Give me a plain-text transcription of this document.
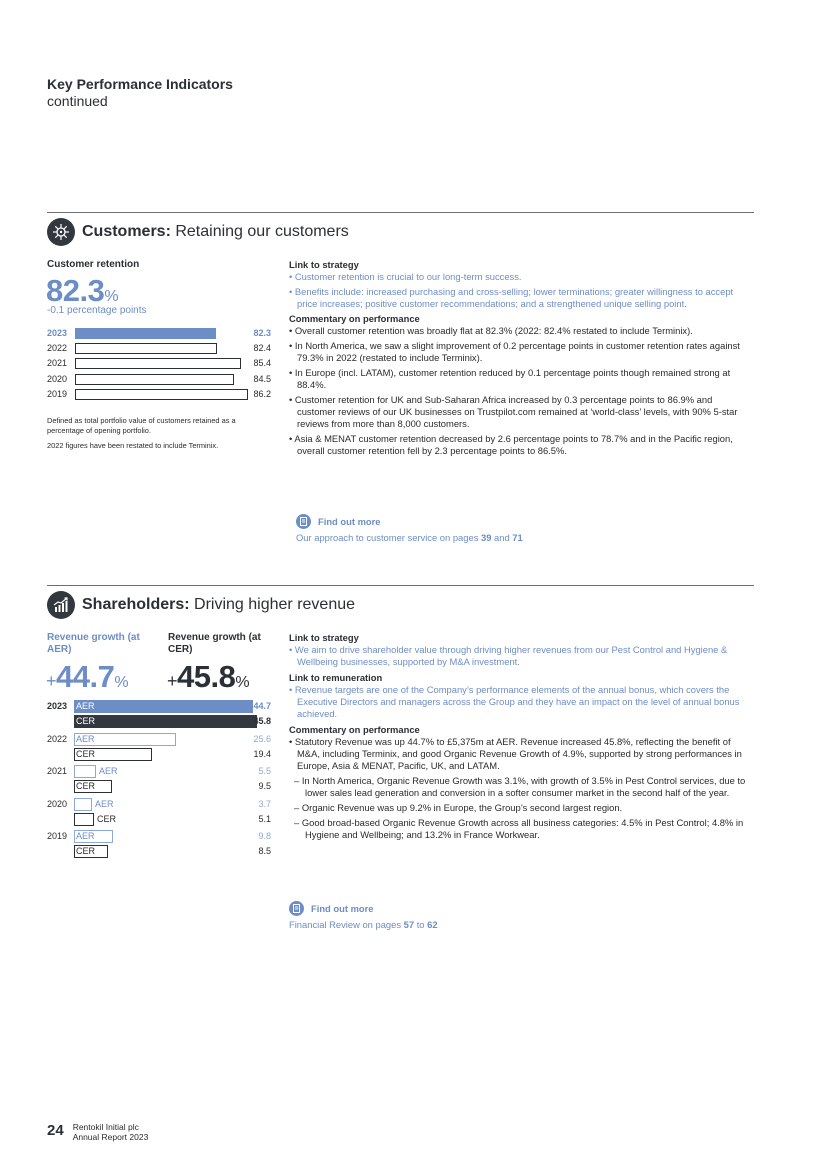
Key Performance Indicators
continued
Customers: Retaining our customers
Customer retention
82.3%
-0.1 percentage points
2023	82.3
2022	82.4
2021	85.4
2020	84.5
2019	86.2
Defined as total portfolio value of customers retained as a percentage of opening portfolio.
2022 figures have been restated to include Terminix.
Link to strategy
• Customer retention is crucial to our long-term success.
• Benefits include: increased purchasing and cross-selling; lower terminations; greater willingness to accept price increases; positive customer recommendations; and a strengthened unique selling point.
Commentary on performance
• Overall customer retention was broadly flat at 82.3% (2022: 82.4% restated to include Terminix).
• In North America, we saw a slight improvement of 0.2 percentage points in customer retention rates against 79.3% in 2022 (restated to include Terminix).
• In Europe (incl. LATAM), customer retention reduced by 0.1 percentage points though remained strong at 88.4%.
• Customer retention for UK and Sub-Saharan Africa increased by 0.3 percentage points to 86.9% and customer reviews of our UK businesses on Trustpilot.com remained at ‘world-class’ levels, with 90% 5-star reviews from more than 8,000 customers.
• Asia & MENAT customer retention decreased by 2.6 percentage points to 78.7% and in the Pacific region, overall customer retention fell by 2.3 percentage points to 86.5%.
Find out more
Our approach to customer service on pages 39 and 71
Shareholders: Driving higher revenue
Revenue growth (at AER)
Revenue growth (at CER)
+44.7% +45.8%
2023 AER	44.7
CER	45.8
2022 AER	25.6
CER	19.4
2021	AER	5.5
CER	9.5
2020	AER	3.7
CER	5.1
2019 AER	9.8
CER	8.5
Link to strategy
• We aim to drive shareholder value through driving higher revenues from our Pest Control and Hygiene & Wellbeing businesses, supported by M&A investment.
Link to remuneration
• Revenue targets are one of the Company’s performance elements of the annual bonus, which covers the Executive Directors and managers across the Group and they have an impact on the level of annual bonus achieved.
Commentary on performance
• Statutory Revenue was up 44.7% to £5,375m at AER. Revenue increased 45.8%, reflecting the benefit of M&A, including Terminix, and good Organic Revenue Growth of 4.9%, supported by strong performances in Europe, Asia & MENAT, Pacific, UK, and LATAM.
– In North America, Organic Revenue Growth was 3.1%, with growth of 3.5% in Pest Control services, due to lower sales lead generation and conversion in a softer consumer market in the second half of the year.
– Organic Revenue was up 9.2% in Europe, the Group’s second largest region.
– Good broad-based Organic Revenue Growth across all business categories: 4.5% in Pest Control; 4.8% in Hygiene and Wellbeing; and 13.2% in France Workwear.
Find out more
Financial Review on pages 57 to 62
24 Rentokil Initial plc
Annual Report 2023
